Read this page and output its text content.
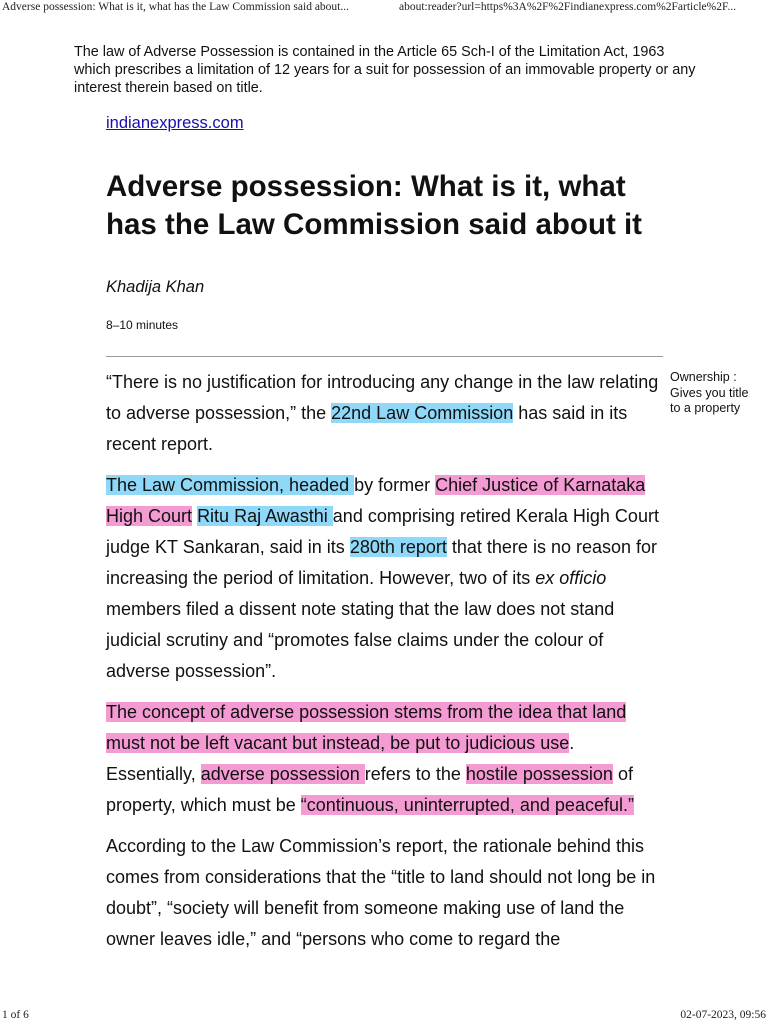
Adverse possession: What is it, what has the Law Commission said about...	about:reader?url=https%3A%2F%2Findianexpress.com%2Farticle%2F...
The law of Adverse Possession is contained in the Article 65 Sch-I of the Limitation Act, 1963 which prescribes a limitation of 12 years for a suit for possession of an immovable property or any interest therein based on title.
indianexpress.com
Adverse possession: What is it, what has the Law Commission said about it
Khadija Khan
8–10 minutes
Ownership : Gives you title to a property

“There is no justification for introducing any change in the law relating to adverse possession,” the 22nd Law Commission has said in its recent report.

The Law Commission, headed by former Chief Justice of Karnataka High Court Ritu Raj Awasthi and comprising retired Kerala High Court judge KT Sankaran, said in its 280th report that there is no reason for increasing the period of limitation. However, two of its ex officio members filed a dissent note stating that the law does not stand judicial scrutiny and “promotes false claims under the colour of adverse possession”.

The concept of adverse possession stems from the idea that land must not be left vacant but instead, be put to judicious use. Essentially, adverse possession refers to the hostile possession of property, which must be “continuous, uninterrupted, and peaceful.”

According to the Law Commission’s report, the rationale behind this comes from considerations that the “title to land should not long be in doubt”, “society will benefit from someone making use of land the owner leaves idle,” and “persons who come to regard the

1 of 6	02-07-2023, 09:56
